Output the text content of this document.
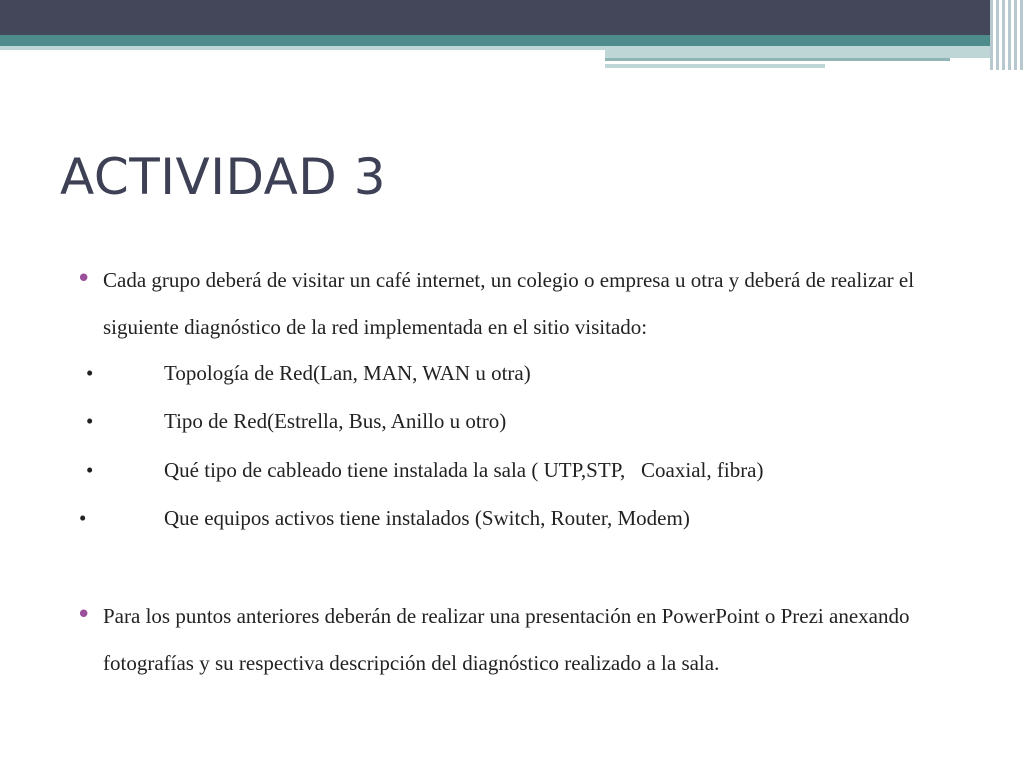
ACTIVIDAD 3
• Cada grupo deberá de visitar un café internet, un colegio o empresa u otra y deberá de realizar el siguiente diagnóstico de la red implementada en el sitio visitado:
•	Topología de Red(Lan, MAN, WAN u otra)
•	Tipo de Red(Estrella, Bus, Anillo u otro)
•	Qué tipo de cableado tiene instalada la sala ( UTP,STP,   Coaxial, fibra)
•	Que equipos activos tiene instalados (Switch, Router, Modem)
• Para los puntos anteriores deberán de realizar una presentación en PowerPoint o Prezi anexando fotografías y su respectiva descripción del diagnóstico realizado a la sala.
